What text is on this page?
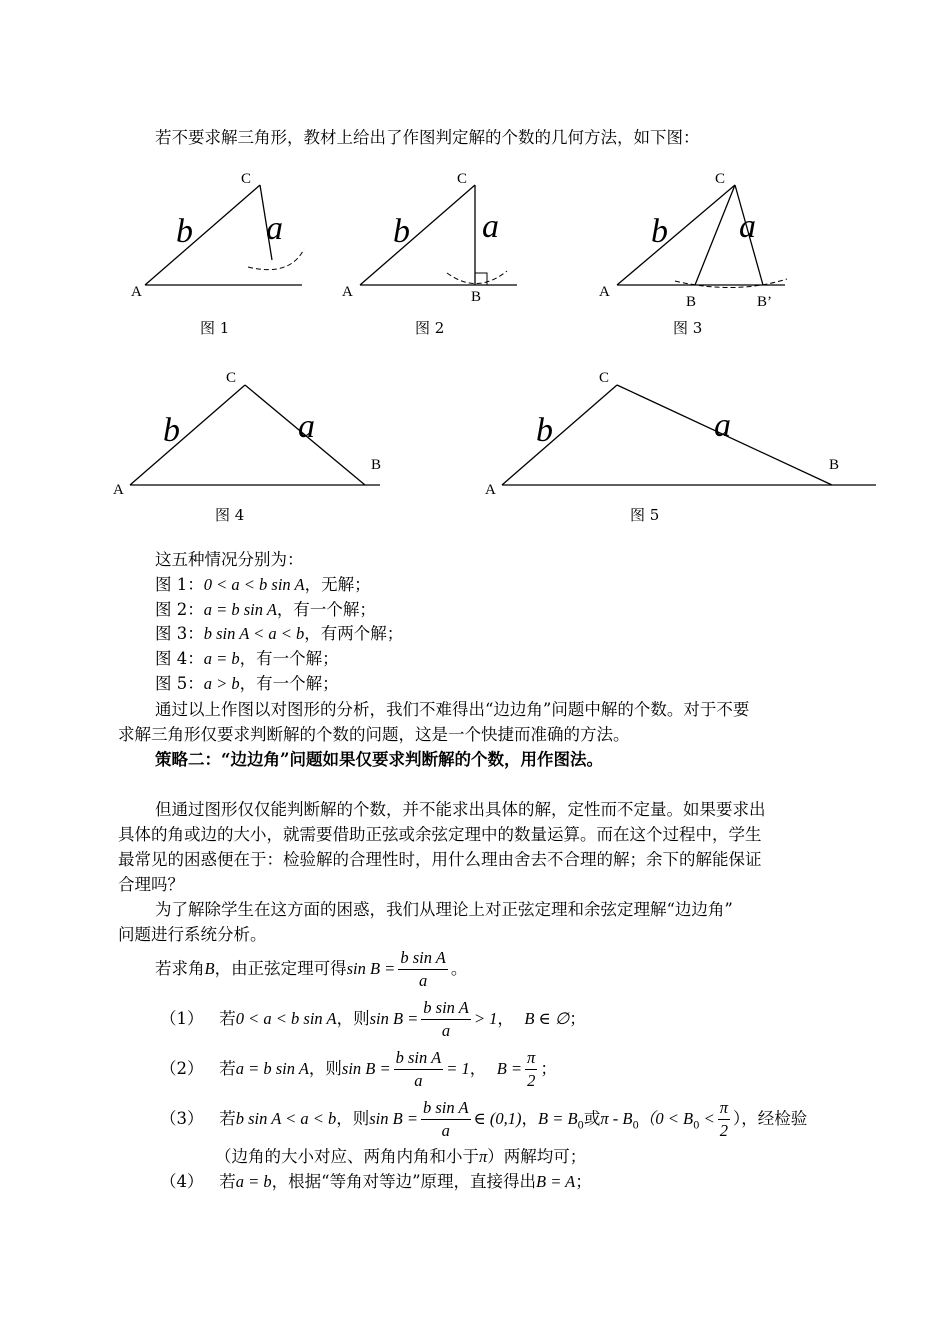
若不要求解三角形，教材上给出了作图判定解的个数的几何方法，如下图：
A
C
b a
图 1
A
C
B
b a
图 2
A
C
B	B’
b a
图 3
A
C
B
b	a
图 4
A
C
B
b	a
图 5
这五种情况分别为：
图 1：0 < a < b sin A，无解；
图 2：a = b sin A，有一个解；
图 3：b sin A < a < b，有两个解；
图 4：a = b，有一个解；
图 5：a > b，有一个解；
通过以上作图以对图形的分析，我们不难得出“边边角”问题中解的个数。对于不要
求解三角形仅要求判断解的个数的问题，这是一个快捷而准确的方法。
策略二：“边边角”问题如果仅要求判断解的个数，用作图法。
但通过图形仅仅能判断解的个数，并不能求出具体的解，定性而不定量。如果要求出
具体的角或边的大小，就需要借助正弦或余弦定理中的数量运算。而在这个过程中，学生
最常见的困惑便在于：检验解的合理性时，用什么理由舍去不合理的解；余下的解能保证
合理吗？
为了解除学生在这方面的困惑，我们从理论上对正弦定理和余弦定理解“边边角”
问题进行系统分析。
若求角B，由正弦定理可得$\sin B = \frac{\text{b sin A}}{a}$ 。
（1） 若0 < a < b sin A，则$\sin B = \frac{\text{b sin A}}{a} > 1$， B ∈ ∅；
（2） 若a = b sin A，则$\sin B = \frac{\text{b sin A}}{a} = 1$， $B = \frac{\pi}{2}$ ；
（3） 若b sin A < a < b，则$\sin B = \frac{\text{b sin A}}{a}$ ∈ (0,1)，$B = B_0$或$\pi - B_0(0 < B_0 < \frac{\pi}{2}$ ），经检验
（边角的大小对应、两角内角和小于π）两解均可；
（4） 若a = b，根据“等角对等边”原理，直接得出B = A；
